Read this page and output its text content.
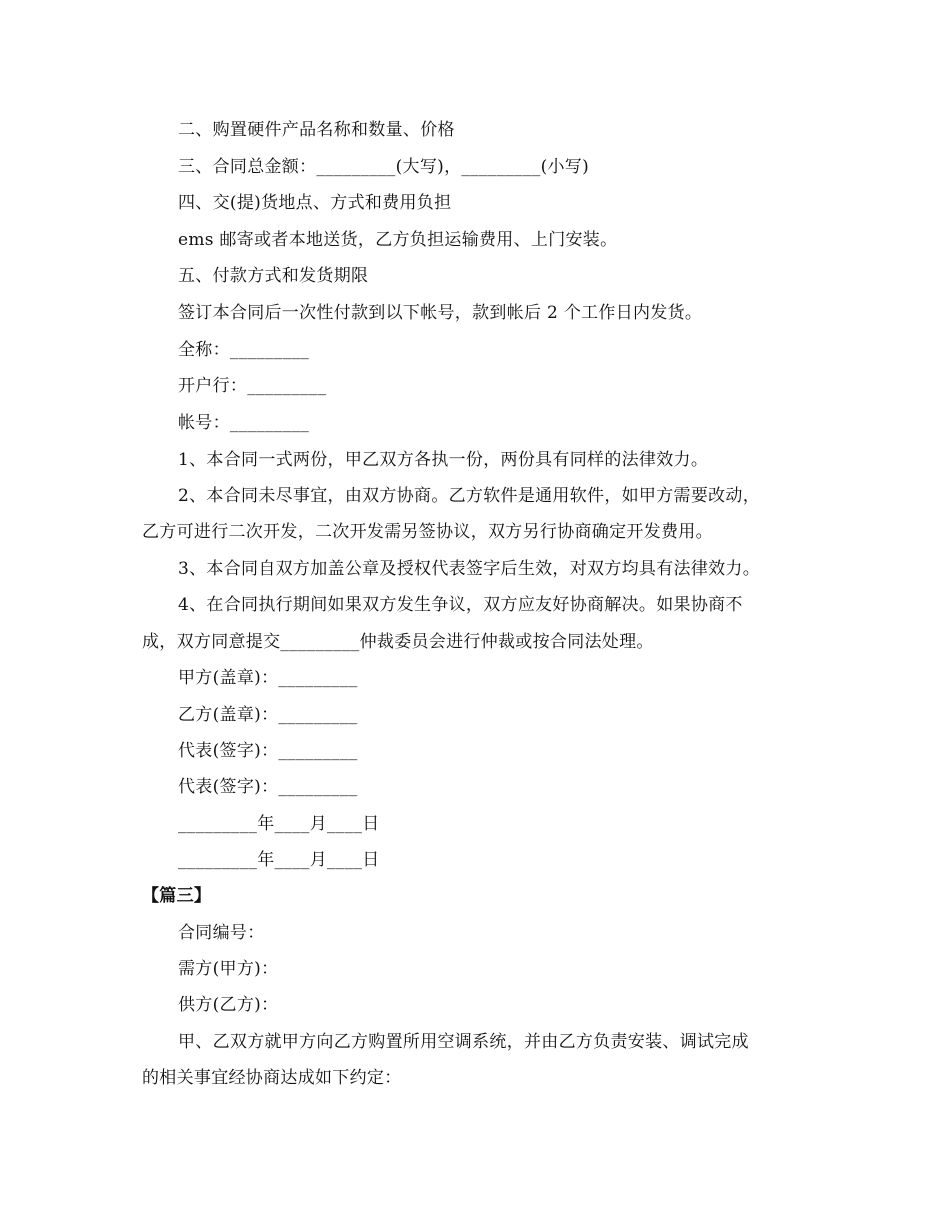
二、购置硬件产品名称和数量、价格
三、合同总金额：_________(大写)，_________(小写)
四、交(提)货地点、方式和费用负担
ems 邮寄或者本地送货，乙方负担运输费用、上门安装。
五、付款方式和发货期限
签订本合同后一次性付款到以下帐号，款到帐后 2 个工作日内发货。
全称：_________
开户行：_________
帐号：_________
1、本合同一式两份，甲乙双方各执一份，两份具有同样的法律效力。
2、本合同未尽事宜，由双方协商。乙方软件是通用软件，如甲方需要改动，
乙方可进行二次开发，二次开发需另签协议，双方另行协商确定开发费用。
3、本合同自双方加盖公章及授权代表签字后生效，对双方均具有法律效力。
4、在合同执行期间如果双方发生争议，双方应友好协商解决。如果协商不
成，双方同意提交_________仲裁委员会进行仲裁或按合同法处理。
甲方(盖章)：_________
乙方(盖章)：_________
代表(签字)：_________
代表(签字)：_________
_________年____月____日
_________年____月____日
【篇三】
合同编号：
需方(甲方)：
供方(乙方)：
甲、乙双方就甲方向乙方购置所用空调系统，并由乙方负责安装、调试完成
的相关事宜经协商达成如下约定：
